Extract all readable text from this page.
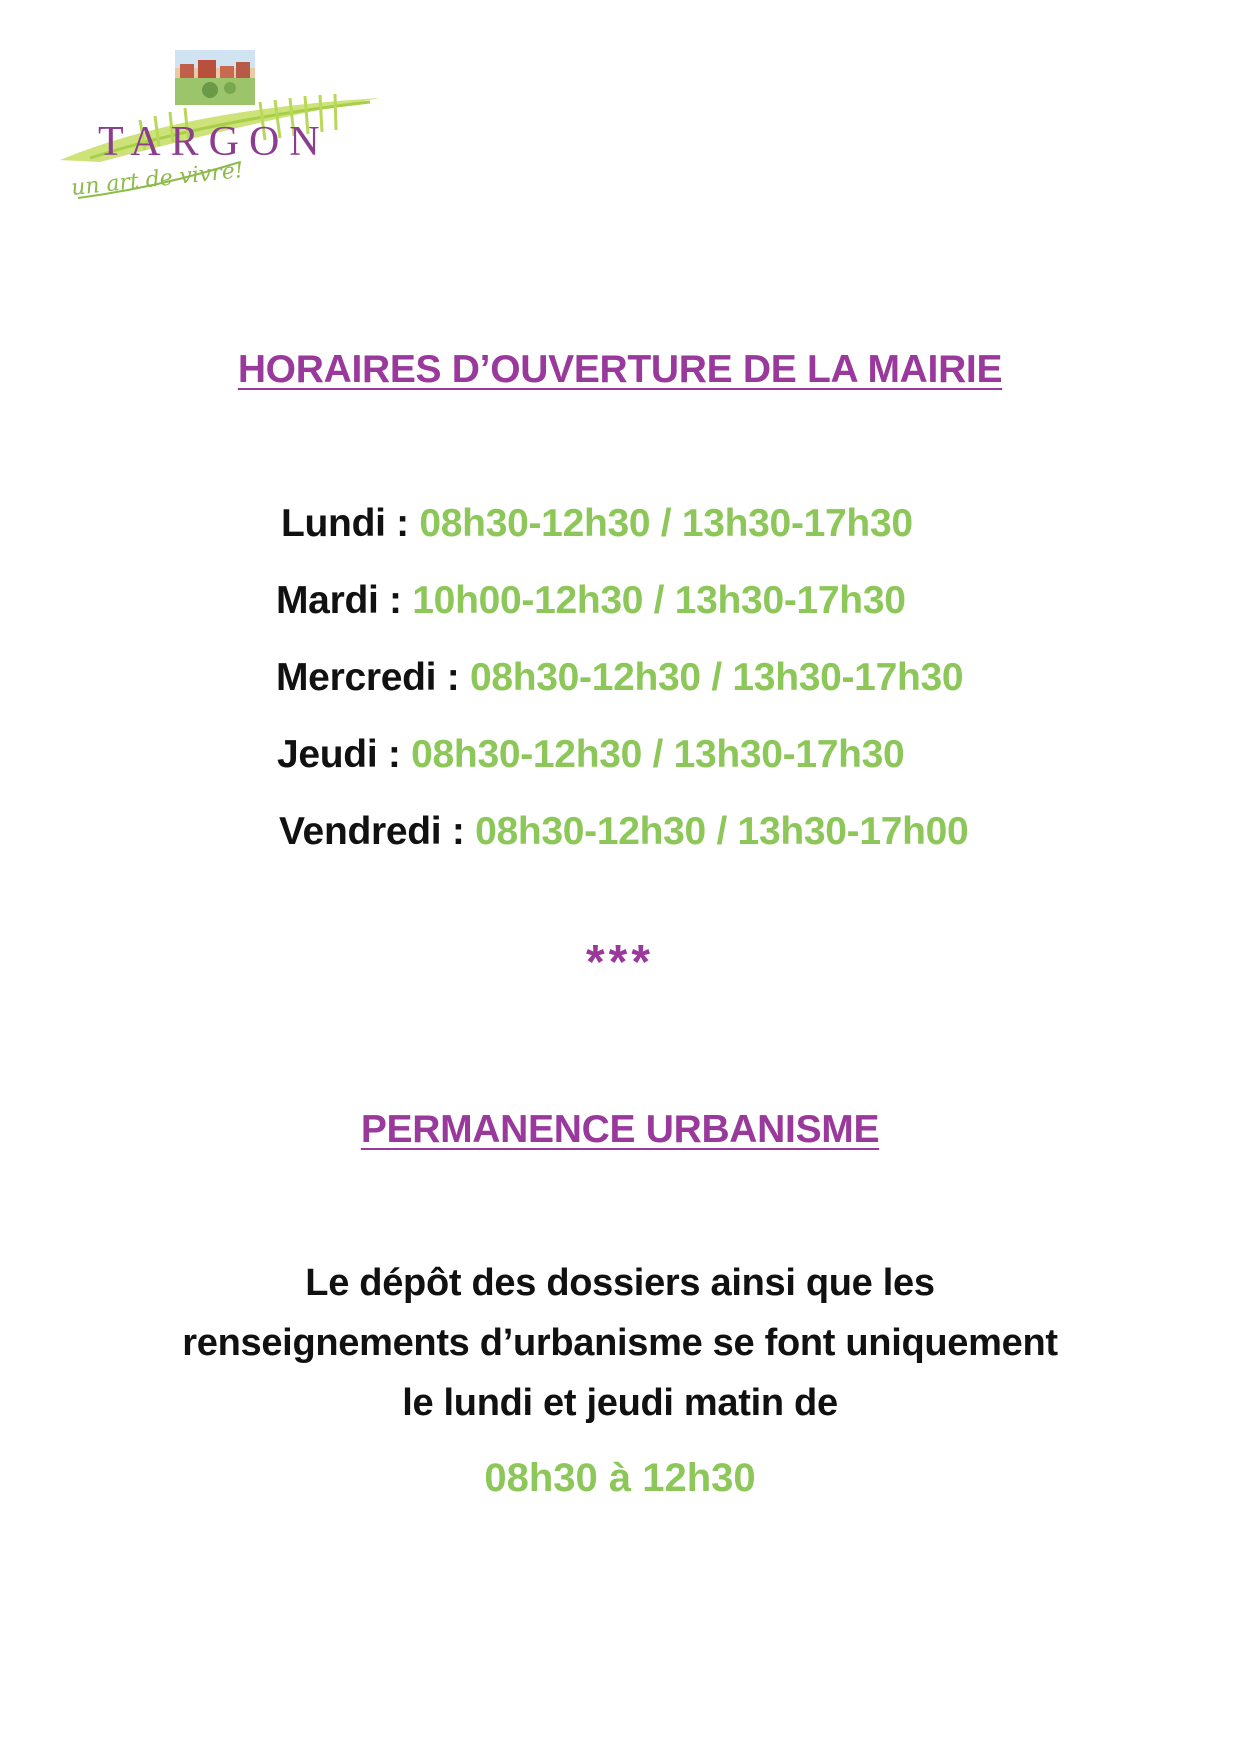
TARGON
un art de vivre!
HORAIRES D’OUVERTURE DE LA MAIRIE
Lundi : 08h30-12h30 / 13h30-17h30
Mardi : 10h00-12h30 / 13h30-17h30
Mercredi : 08h30-12h30 / 13h30-17h30
Jeudi : 08h30-12h30 / 13h30-17h30
Vendredi : 08h30-12h30 / 13h30-17h00
***
PERMANENCE URBANISME
Le dépôt des dossiers ainsi que les
renseignements d’urbanisme se font uniquement
le lundi et jeudi matin de
08h30 à 12h30
